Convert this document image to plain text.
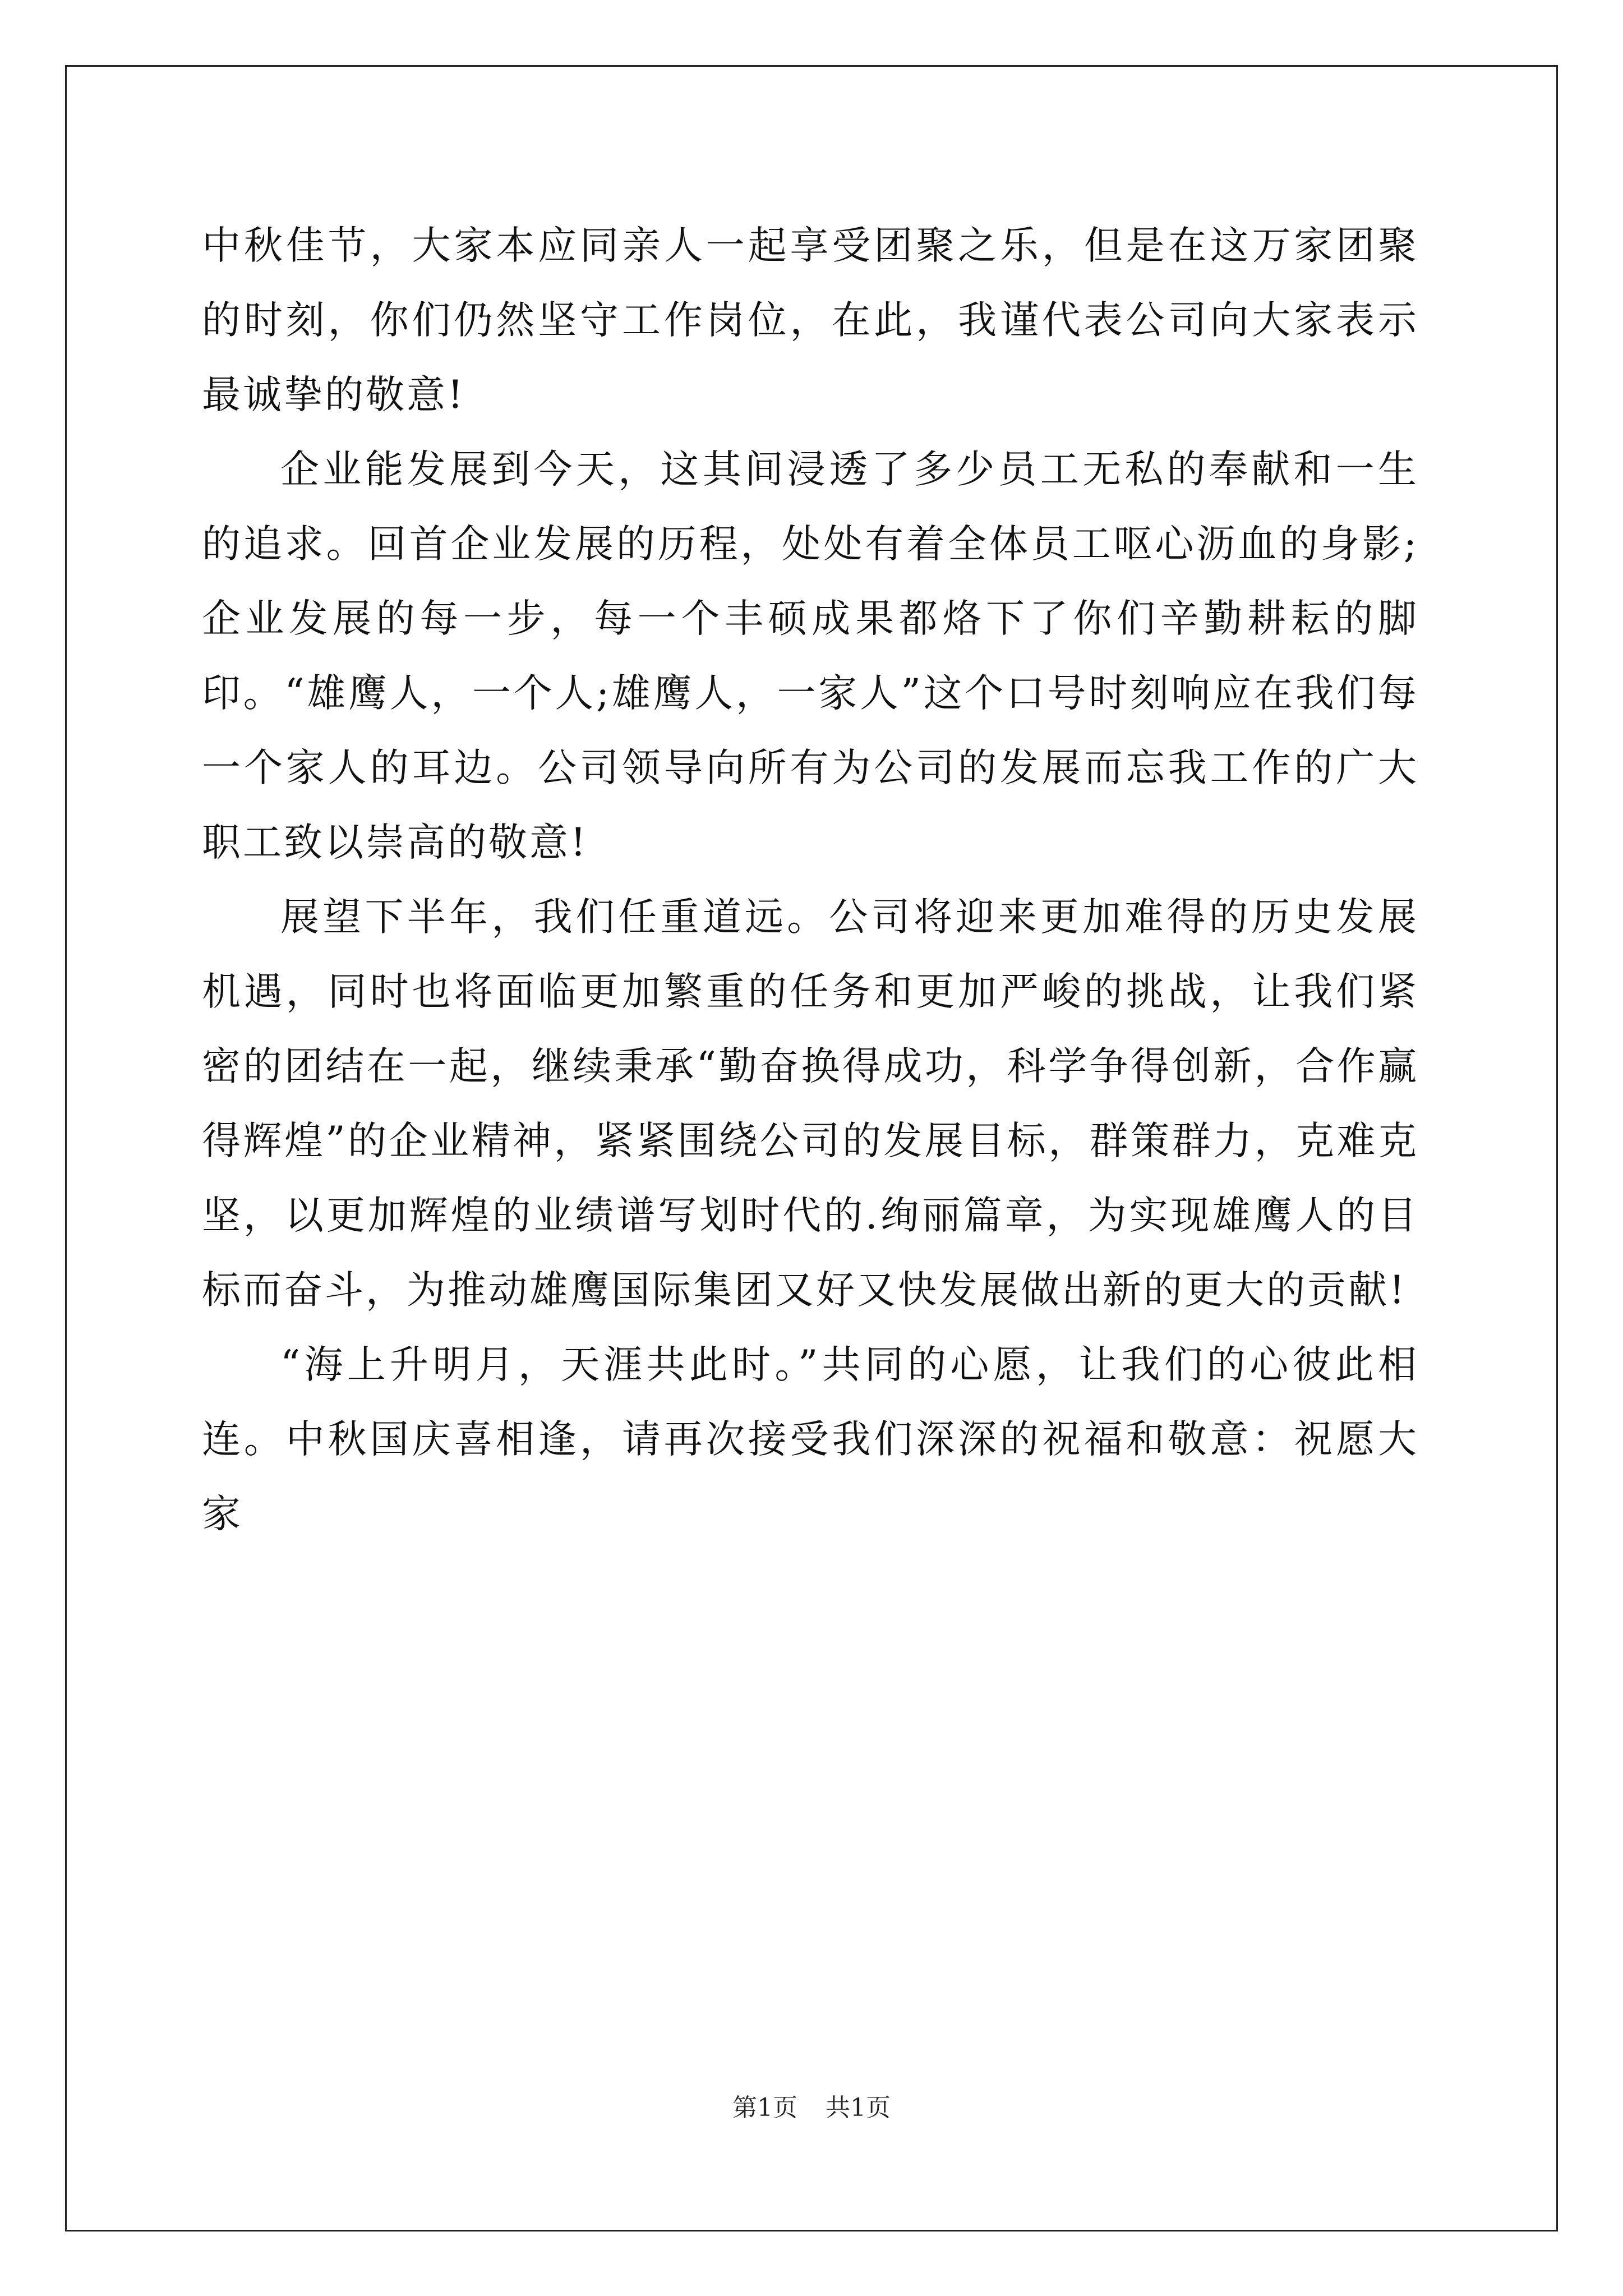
中秋佳节，大家本应同亲人一起享受团聚之乐，但是在这万家团聚的时刻，你们仍然坚守工作岗位，在此，我谨代表公司向大家表示最诚挚的敬意!

企业能发展到今天，这其间浸透了多少员工无私的奉献和一生的追求。回首企业发展的历程，处处有着全体员工呕心沥血的身影;企业发展的每一步，每一个丰硕成果都烙下了你们辛勤耕耘的脚印。“雄鹰人，一个人;雄鹰人，一家人”这个口号时刻响应在我们每一个家人的耳边。公司领导向所有为公司的发展而忘我工作的广大职工致以崇高的敬意!

展望下半年，我们任重道远。公司将迎来更加难得的历史发展机遇，同时也将面临更加繁重的任务和更加严峻的挑战，让我们紧密的团结在一起，继续秉承“勤奋换得成功，科学争得创新，合作赢得辉煌”的企业精神，紧紧围绕公司的发展目标，群策群力，克难克坚，以更加辉煌的业绩谱写划时代的.绚丽篇章，为实现雄鹰人的目标而奋斗，为推动雄鹰国际集团又好又快发展做出新的更大的贡献!

“海上升明月，天涯共此时。”共同的心愿，让我们的心彼此相连。中秋国庆喜相逢，请再次接受我们深深的祝福和敬意：祝愿大家

第1页 共1页
